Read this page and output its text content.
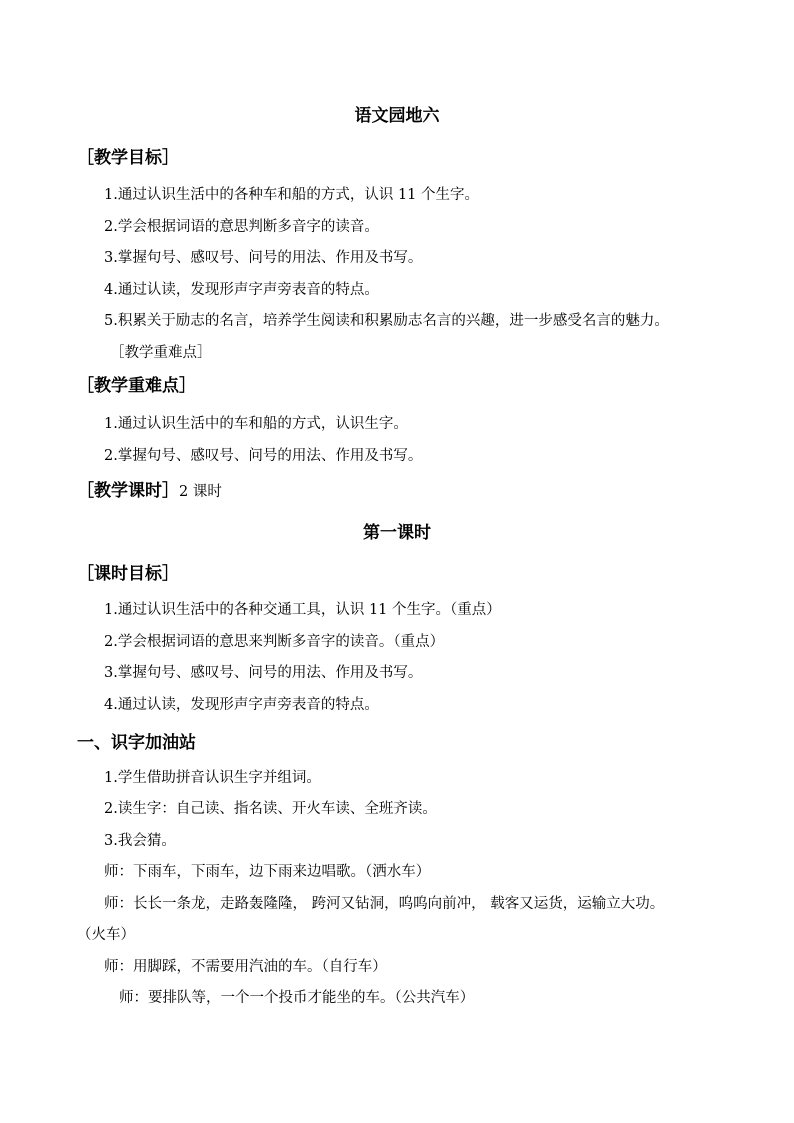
语文园地六
［教学目标］
1.通过认识生活中的各种车和船的方式，认识 11 个生字。
2.学会根据词语的意思判断多音字的读音。
3.掌握句号、感叹号、问号的用法、作用及书写。
4.通过认读，发现形声字声旁表音的特点。
5.积累关于励志的名言，培养学生阅读和积累励志名言的兴趣，进一步感受名言的魅力。
［教学重难点］
［教学重难点］
1.通过认识生活中的车和船的方式，认识生字。
2.掌握句号、感叹号、问号的用法、作用及书写。
［教学课时］2 课时
第一课时
［课时目标］
1.通过认识生活中的各种交通工具，认识 11 个生字。（重点）
2.学会根据词语的意思来判断多音字的读音。（重点）
3.掌握句号、感叹号、问号的用法、作用及书写。
4.通过认读，发现形声字声旁表音的特点。
一、识字加油站
1.学生借助拼音认识生字并组词。
2.读生字：自己读、指名读、开火车读、全班齐读。
3.我会猜。
师：下雨车，下雨车，边下雨来边唱歌。（洒水车）
师：长长一条龙，走路轰隆隆， 跨河又钻洞，呜呜向前冲， 载客又运货，运输立大功。
（火车）
师：用脚踩，不需要用汽油的车。（自行车）
师：要排队等，一个一个投币才能坐的车。（公共汽车）
